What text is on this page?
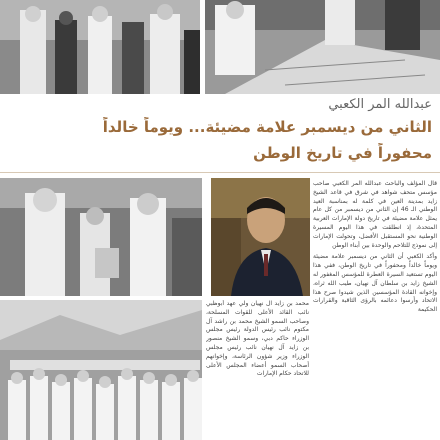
عبدالله المر الكعبي
الثاني من ديسمبر علامة مضيئة... ويوماً خالداً
محفوراً في تاريخ الوطن

قال المؤلف والباحث عبدالله المر الكعبي صاحب مؤسس متحف شواهد في شرق في قاعد الشيخ زايد بمدينة العين في كلمة له بمناسبة العيد الوطني الـ 46 إن الثاني من ديسمبر من كل عام يمثل علامة مضيئة في تاريخ دولة الإمارات العربية المتحدة، إذ انطلقت في هذا اليوم المسيرة الوطنية نحو المستقبل الأفضل، وتحولت الإمارات إلى نموذج للتلاحم والوحدة بين أبناء الوطن

وأكد الكعبي أن الثاني من ديسمبر علامة مضيئة ويوماً خالداً ومحفوراً في تاريخ الوطن، ففي هذا اليوم تستعيد السيرة العطرة للمؤسس المغفور له الشيخ زايد بن سلطان آل نهيان، طيب الله ثراه، وإخوانه القادة المؤسسين الذين شيدوا صرح هذا الاتحاد وأرسوا دعائمه بالرؤى الثاقبة والقرارات الحكيمة

محمد بن زايد آل نهيان ولي عهد أبوظبي نائب القائد الأعلى للقوات المسلحة، وصاحب السمو الشيخ محمد بن راشد آل مكتوم نائب رئيس الدولة رئيس مجلس الوزراء حاكم دبي، وسمو الشيخ منصور بن زايد آل نهيان نائب رئيس مجلس الوزراء وزير شؤون الرئاسة، وإخوانهم أصحاب السمو أعضاء المجلس الأعلى للاتحاد حكام الإمارات
